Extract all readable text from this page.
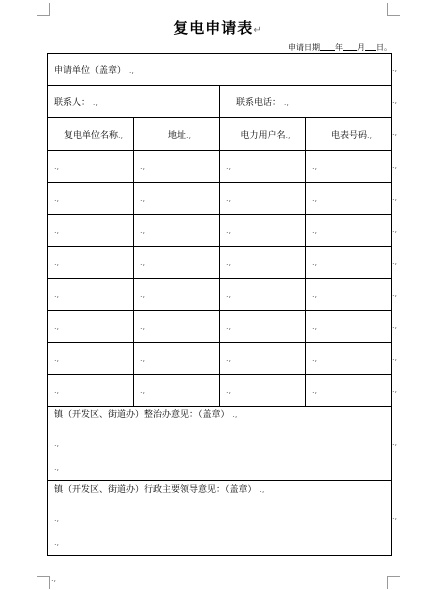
复电申请表↵
申请日期 年 月 日。
申请单位（盖章） .,			
联系人： .,		联系电话： .,	
复电单位名称.,	地址.,	电力用户名.,	电表号码.,
.,	.,	.,	.,
.,	.,	.,	.,
.,	.,	.,	.,
.,	.,	.,	.,
.,	.,	.,	.,
.,	.,	.,	.,
.,	.,	.,	.,
.,	.,	.,	.,
镇（开发区、街道办）整治办意见：（盖章） .,
.,
.,			

镇（开发区、街道办）行政主要领导意见：（盖章） .,
.,
.,			
.,
.,
.,
.,
.,
.,
.,
.,
.,
.,
.,
.,
.,
.,
